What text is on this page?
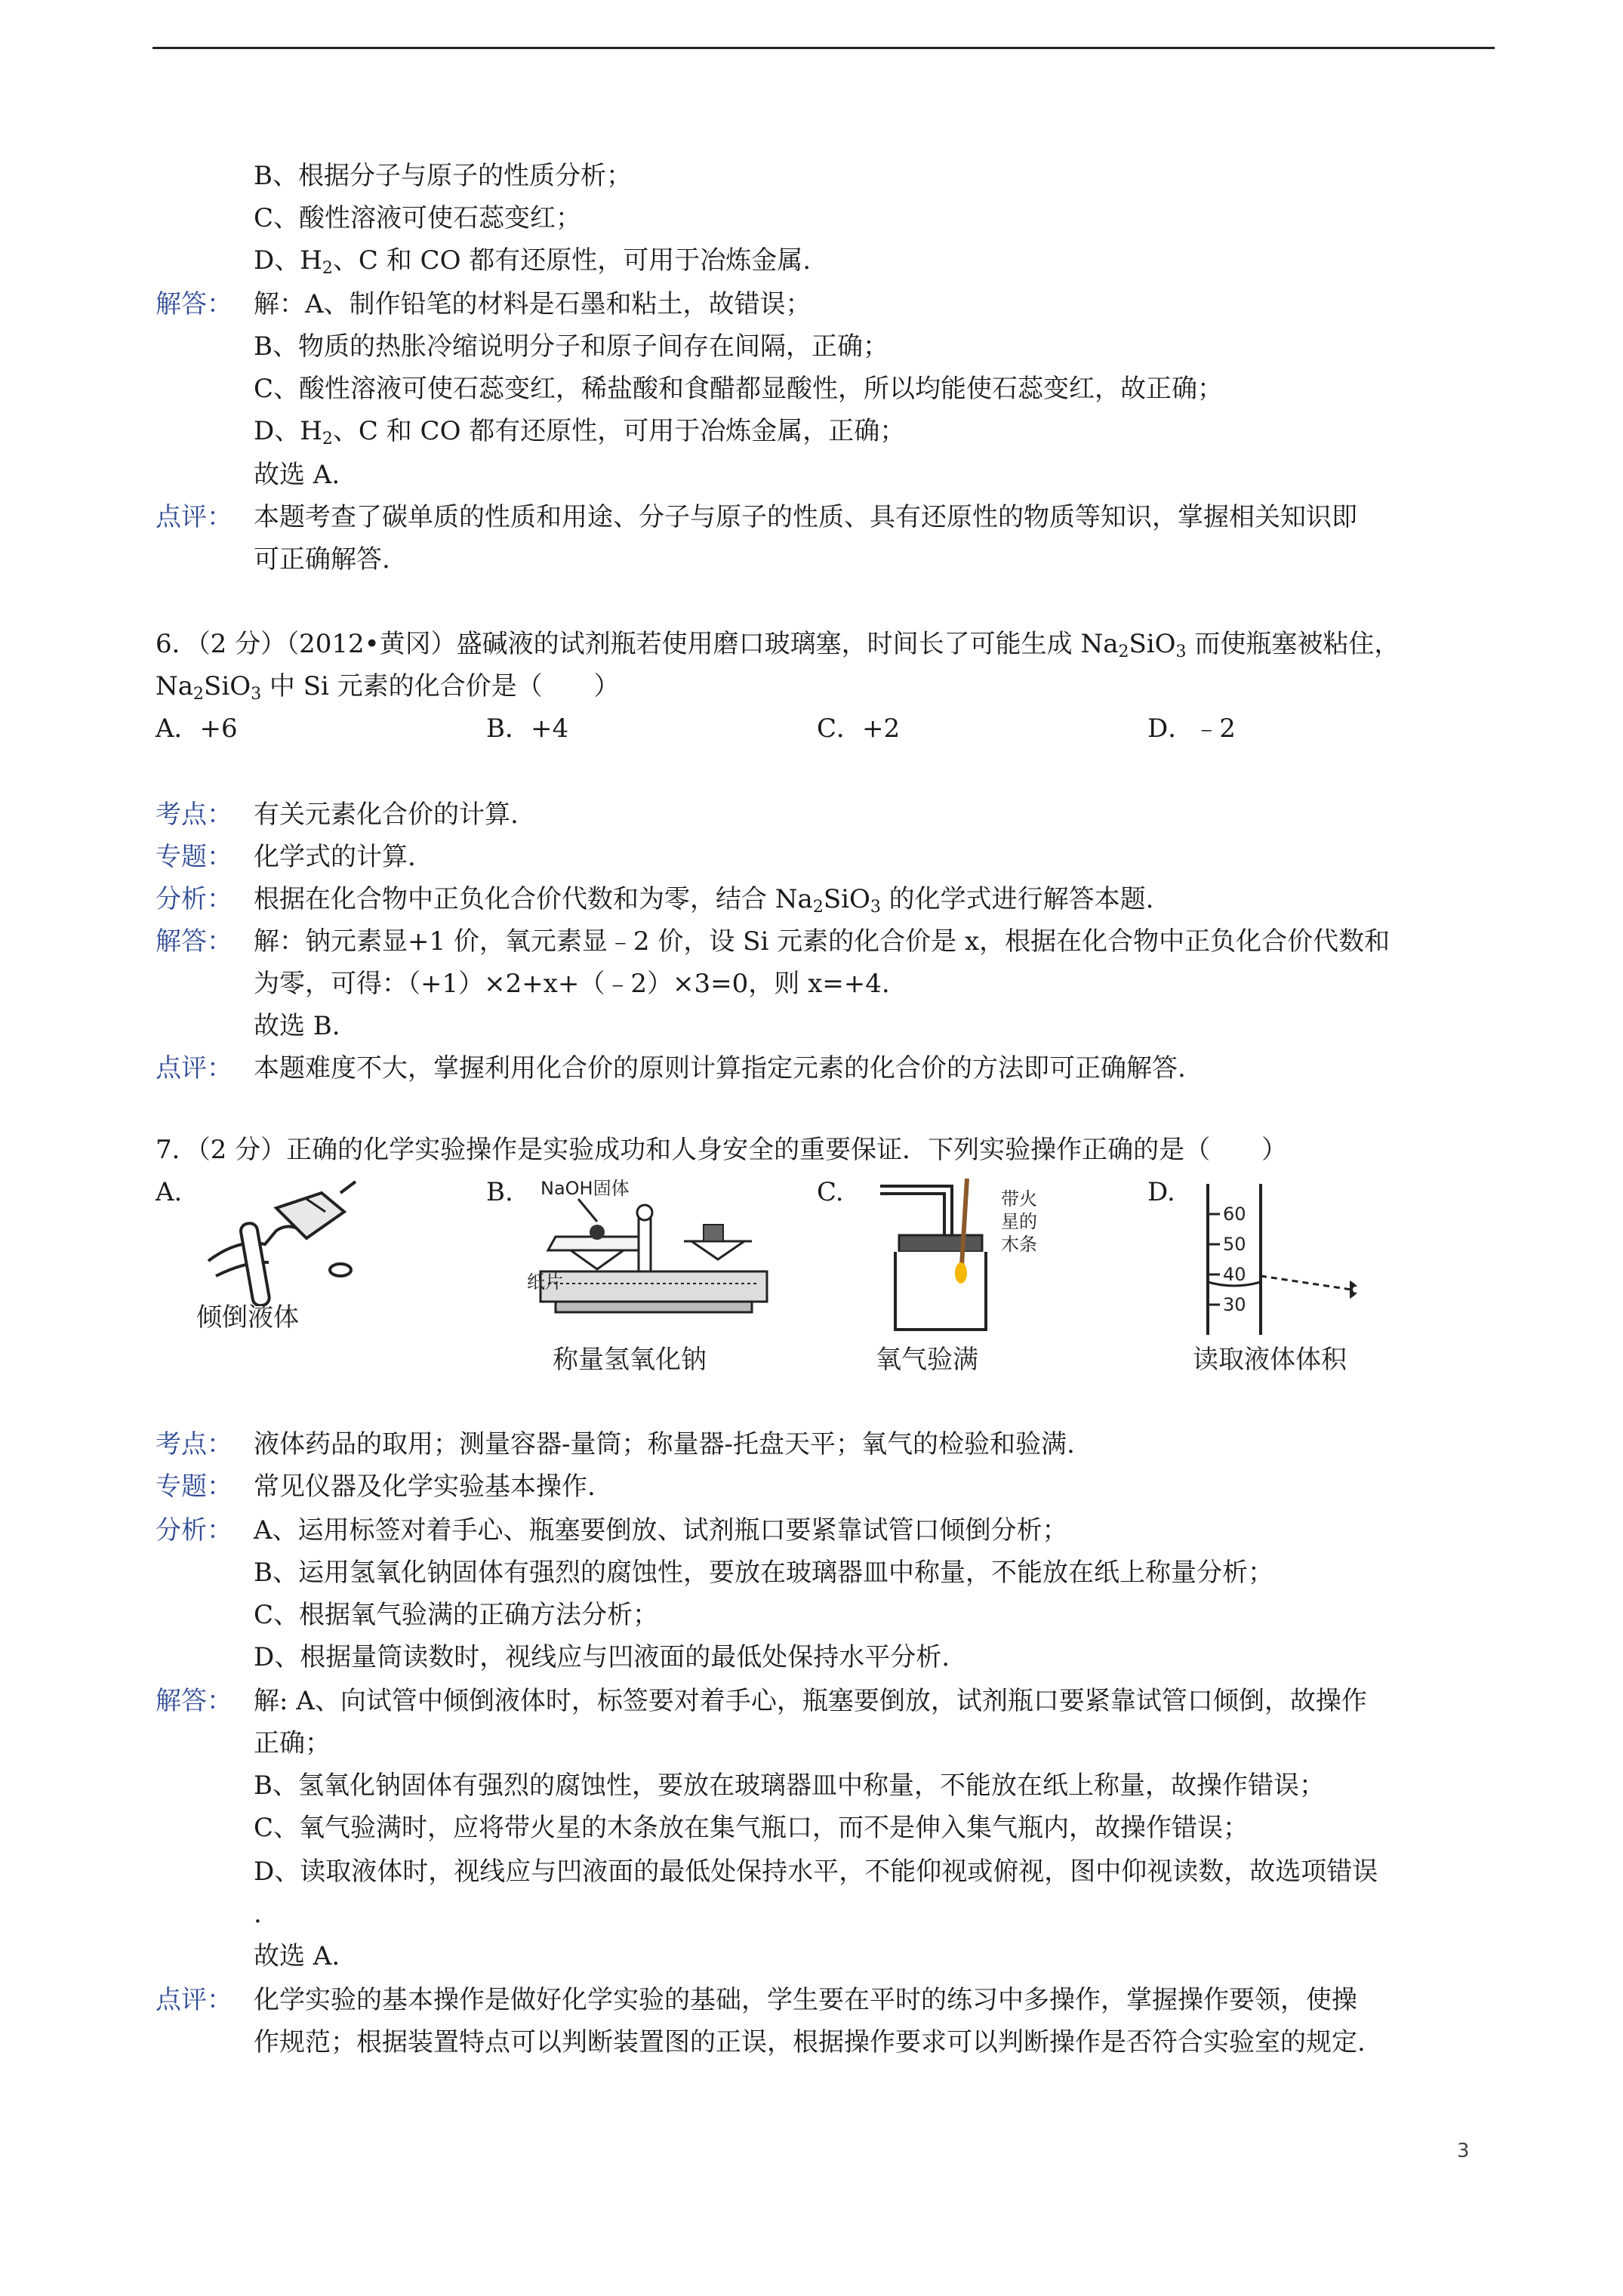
B、根据分子与原子的性质分析；
C、酸性溶液可使石蕊变红；
D、$H_2$、C 和 CO 都有还原性，可用于冶炼金属.
解答： 解：A、制作铅笔的材料是石墨和粘土，故错误；
B、物质的热胀冷缩说明分子和原子间存在间隔，正确；
C、酸性溶液可使石蕊变红，稀盐酸和食醋都显酸性，所以均能使石蕊变红，故正确；
D、$H_2$、C 和 CO 都有还原性，可用于冶炼金属，正确；
故选 A.
点评： 本题考查了碳单质的性质和用途、分子与原子的性质、具有还原性的物质等知识，掌握相关知识即
可正确解答.
6．（2 分）（2012•黄冈）盛碱液的试剂瓶若使用磨口玻璃塞，时间长了可能生成 $Na_2SiO_3$ 而使瓶塞被粘住，
$Na_2SiO_3$ 中 Si 元素的化合价是（　　）
A．+6	B．+4	C．+2	D．﹣2
考点： 有关元素化合价的计算.
专题： 化学式的计算.
分析： 根据在化合物中正负化合价代数和为零，结合 $Na_2SiO_3$ 的化学式进行解答本题.
解答： 解：钠元素显+1 价，氧元素显﹣2 价，设 Si 元素的化合价是 x，根据在化合物中正负化合价代数和
为零，可得：（+1）×2+x+（﹣2）×3=0，则 x=+4.
故选 B.
点评： 本题难度不大，掌握利用化合价的原则计算指定元素的化合价的方法即可正确解答.
7．（2 分）正确的化学实验操作是实验成功和人身安全的重要保证．下列实验操作正确的是（　　）
A.	B.	C.	D.
倾倒液体
NaOH固体
纸片
称量氢氧化钠
带火
星的
木条
氧气验满
60
50
40
30
读取液体体积
考点： 液体药品的取用；测量容器-量筒；称量器-托盘天平；氧气的检验和验满.
专题： 常见仪器及化学实验基本操作.
分析： A、运用标签对着手心、瓶塞要倒放、试剂瓶口要紧靠试管口倾倒分析；
B、运用氢氧化钠固体有强烈的腐蚀性，要放在玻璃器皿中称量，不能放在纸上称量分析；
C、根据氧气验满的正确方法分析；
D、根据量筒读数时，视线应与凹液面的最低处保持水平分析.
解答： 解: A、向试管中倾倒液体时，标签要对着手心，瓶塞要倒放，试剂瓶口要紧靠试管口倾倒，故操作
正确；
B、氢氧化钠固体有强烈的腐蚀性，要放在玻璃器皿中称量，不能放在纸上称量，故操作错误；
C、氧气验满时，应将带火星的木条放在集气瓶口，而不是伸入集气瓶内，故操作错误；
D、读取液体时，视线应与凹液面的最低处保持水平，不能仰视或俯视，图中仰视读数，故选项错误
.
故选 A.
点评： 化学实验的基本操作是做好化学实验的基础，学生要在平时的练习中多操作，掌握操作要领，使操
作规范；根据装置特点可以判断装置图的正误，根据操作要求可以判断操作是否符合实验室的规定.
3
